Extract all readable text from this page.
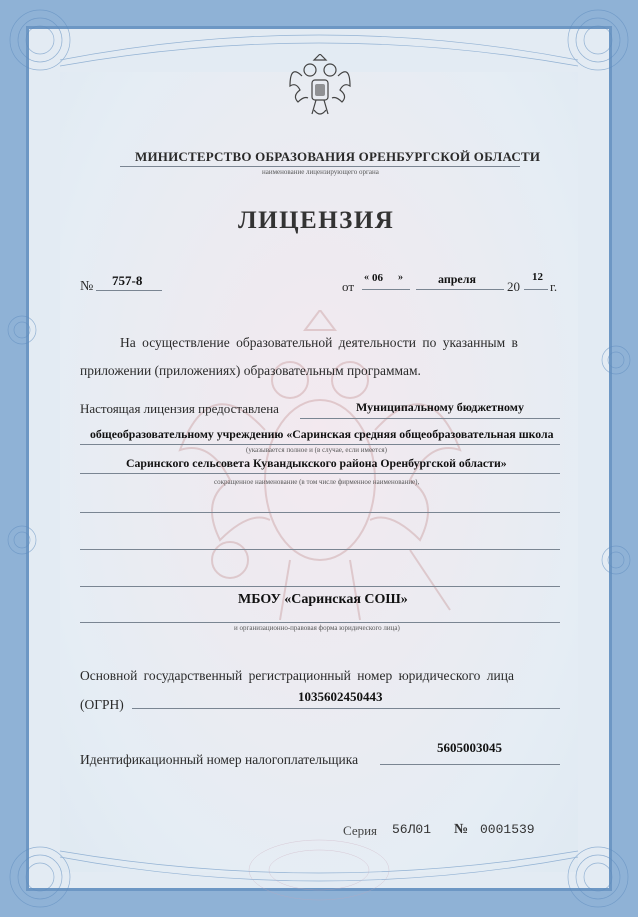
МИНИСТЕРСТВО ОБРАЗОВАНИЯ ОРЕНБУРГСКОЙ ОБЛАСТИ
наименование лицензирующего органа
ЛИЦЕНЗИЯ
№ 757-8	от
« 06 »	апреля 20
12
г.
На осуществление образовательной деятельности по указанным в
приложении (приложениях) образовательным программам.
Настоящая лицензия предоставлена	Муниципальному бюджетному
общеобразовательному учреждению «Саринская средняя общеобразовательная школа
(указывается полное и (в случае, если имеется)
Саринского сельсовета Кувандыкского района Оренбургской области»
сокращенное наименование (в том числе фирменное наименование),
МБОУ «Саринская СОШ»
и организационно-правовая форма юридического лица)
Основной государственный регистрационный номер юридического лица
(ОГРН)
1035602450443
Идентификационный номер налогоплательщика
5605003045
Серия 56Л01 № 0001539
